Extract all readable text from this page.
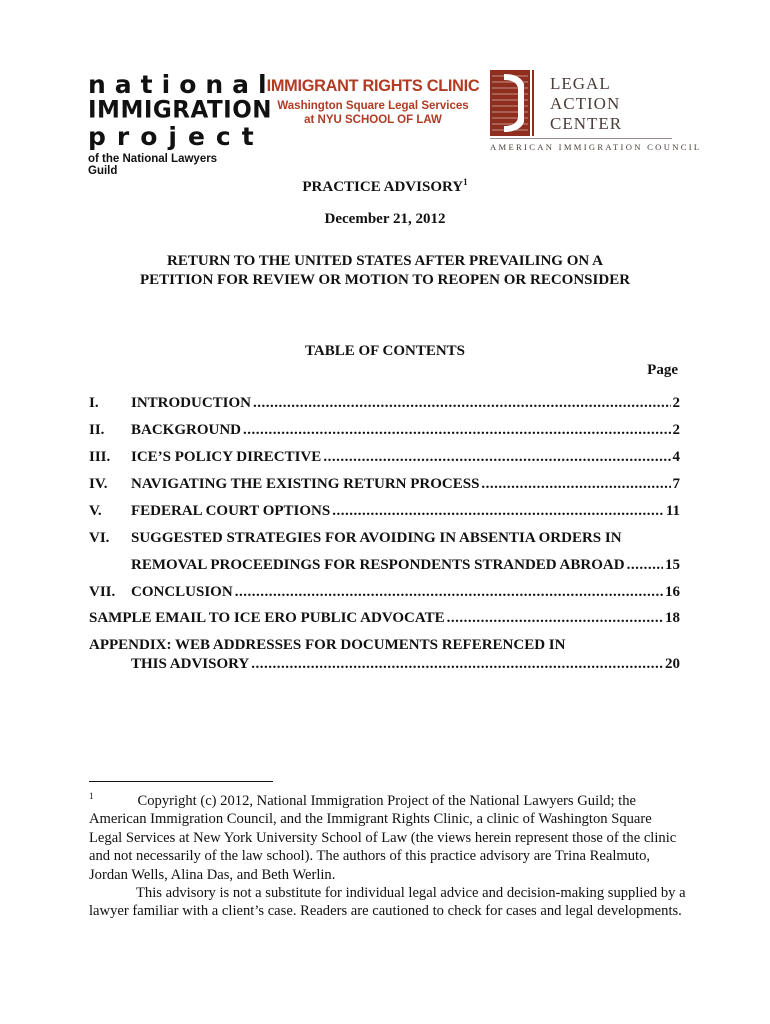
national
IMMIGRATION
project
of the National Lawyers Guild
IMMIGRANT RIGHTS CLINIC
Washington Square Legal Services
at NYU SCHOOL OF LAW
LEGAL
ACTION
CENTER
AMERICAN IMMIGRATION COUNCIL
PRACTICE ADVISORY$^1$
December 21, 2012
RETURN TO THE UNITED STATES AFTER PREVAILING ON A
PETITION FOR REVIEW OR MOTION TO REOPEN OR RECONSIDER
TABLE OF CONTENTS
Page
I. INTRODUCTION .....	2
II. BACKGROUND .....	2
III. ICE’S POLICY DIRECTIVE .....	4
IV. NAVIGATING THE EXISTING RETURN PROCESS .....	7
V. FEDERAL COURT OPTIONS .....	11
VI. SUGGESTED STRATEGIES FOR AVOIDING IN ABSENTIA ORDERS IN
REMOVAL PROCEEDINGS FOR RESPONDENTS STRANDED ABROAD .....	15
VII. CONCLUSION .....	16
SAMPLE EMAIL TO ICE ERO PUBLIC ADVOCATE .....	18
APPENDIX: WEB ADDRESSES FOR DOCUMENTS REFERENCED IN
THIS ADVISORY .....	20

$^1$	Copyright (c) 2012, National Immigration Project of the National Lawyers Guild; the American Immigration Council, and the Immigrant Rights Clinic, a clinic of Washington Square Legal Services at New York University School of Law (the views herein represent those of the clinic and not necessarily of the law school). The authors of this practice advisory are Trina Realmuto, Jordan Wells, Alina Das, and Beth Werlin.

This advisory is not a substitute for individual legal advice and decision-making supplied by a lawyer familiar with a client’s case. Readers are cautioned to check for cases and legal developments.
